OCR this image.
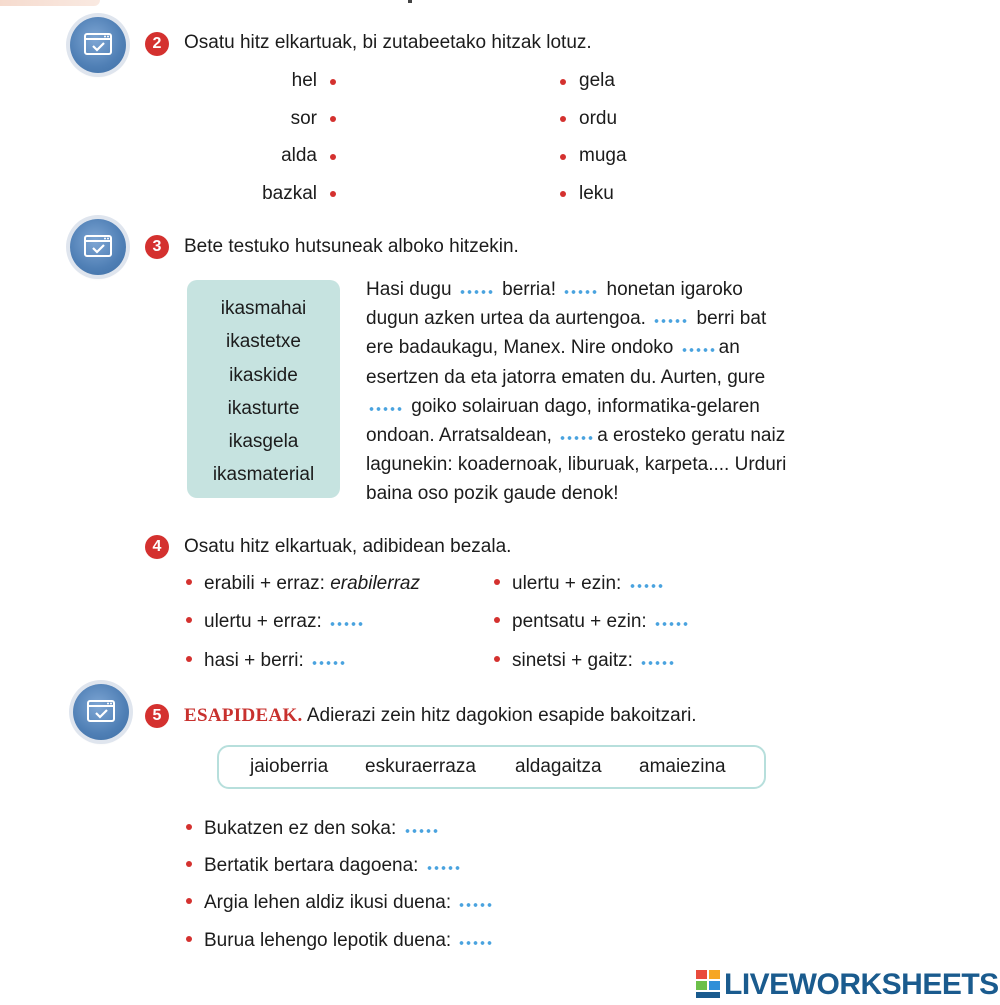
2	Osatu hitz elkartuak, bi zutabeetako hitzak lotuz.
hel
sor
alda
bazkal
gela
ordu
muga
leku
3	Bete testuko hutsuneak alboko hitzekin.
ikasmahai
ikastetxe
ikaskide
ikasturte
ikasgela
ikasmaterial
Hasi dugu	berria!	honetan igaroko
dugun azken urtea da aurtengoa.	berri bat
ere badaukagu, Manex. Nire ondoko an
esertzen da eta jatorra ematen du. Aurten, gure
goiko solairuan dago, informatika-gelaren
ondoan. Arratsaldean, a erosteko geratu naiz
lagunekin: koadernoak, liburuak, karpeta.... Urduri
baina oso pozik gaude denok!
4	Osatu hitz elkartuak, adibidean bezala.
erabili + erraz: erabilerraz
ulertu + erraz:
hasi + berri:
ulertu + ezin:
pentsatu + ezin:
sinetsi + gaitz:
5	ESAPIDEAK. Adierazi zein hitz dagokion esapide bakoitzari.
jaioberria eskuraerraza aldagaitza amaiezina
Bukatzen ez den soka:
Bertatik bertara dagoena:
Argia lehen aldiz ikusi duena:
Burua lehengo lepotik duena:
LIVEWORKSHEETS
